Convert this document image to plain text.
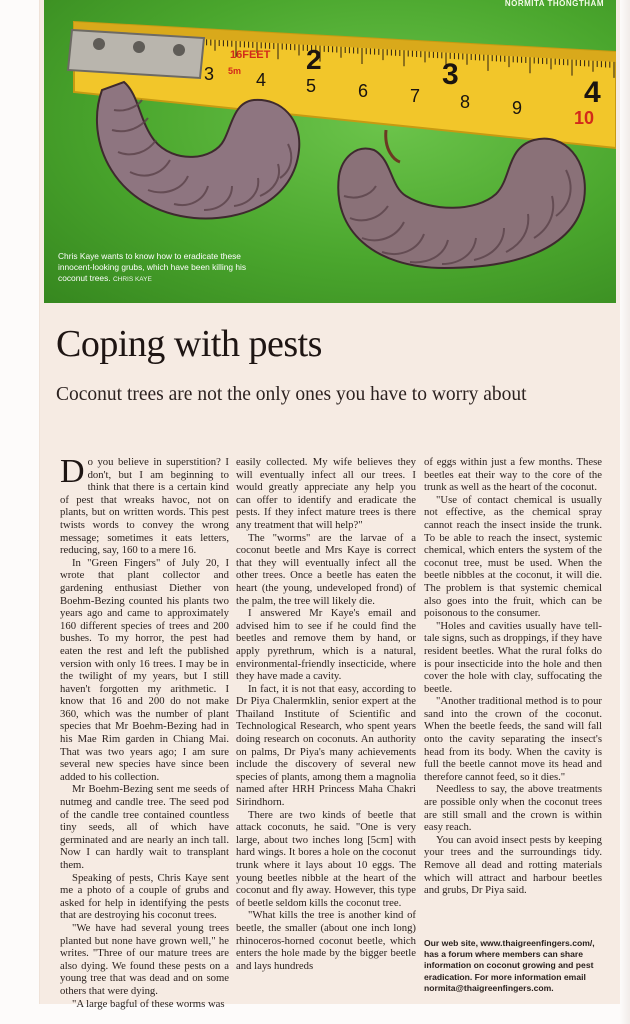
16FEET
5m 2	3
4
3 4 5 6 7 8 9	10
NORMITA THONGTHAM
Chris Kaye wants to know how to eradicate these innocent-looking grubs, which have been killing his coconut trees. CHRIS KAYE
Coping with pests
Coconut trees are not the only ones you have to worry about

Do you believe in superstition? I don't, but I am beginning to think that there is a certain kind of pest that wreaks havoc, not on plants, but on written words. This pest twists words to convey the wrong message; sometimes it eats letters, reducing, say, 160 to a mere 16.

In "Green Fingers" of July 20, I wrote that plant collector and gardening enthusiast Diether von Boehm-Bezing counted his plants two years ago and came to approximately 160 different species of trees and 200 bushes. To my horror, the pest had eaten the rest and left the published version with only 16 trees. I may be in the twilight of my years, but I still haven't forgotten my arithmetic. I know that 16 and 200 do not make 360, which was the number of plant species that Mr Boehm-Bezing had in his Mae Rim garden in Chiang Mai. That was two years ago; I am sure several new species have since been added to his collection.

Mr Boehm-Bezing sent me seeds of nutmeg and candle tree. The seed pod of the candle tree contained countless tiny seeds, all of which have germinated and are nearly an inch tall. Now I can hardly wait to transplant them.

Speaking of pests, Chris Kaye sent me a photo of a couple of grubs and asked for help in identifying the pests that are destroying his coconut trees.

"We have had several young trees planted but none have grown well," he writes. "Three of our mature trees are also dying. We found these pests on a young tree that was dead and on some others that were dying.

"A large bagful of these worms was

easily collected. My wife believes they will eventually infect all our trees. I would greatly appreciate any help you can offer to identify and eradicate the pests. If they infect mature trees is there any treatment that will help?"

The "worms" are the larvae of a coconut beetle and Mrs Kaye is correct that they will eventually infect all the other trees. Once a beetle has eaten the heart (the young, undeveloped frond) of the palm, the tree will likely die.

I answered Mr Kaye's email and advised him to see if he could find the beetles and remove them by hand, or apply pyrethrum, which is a natural, environmental-friendly insecticide, where they have made a cavity.

In fact, it is not that easy, according to Dr Piya Chalermklin, senior expert at the Thailand Institute of Scientific and Technological Research, who spent years doing research on coconuts. An authority on palms, Dr Piya's many achievements include the discovery of several new species of plants, among them a magnolia named after HRH Princess Maha Chakri Sirindhorn.

There are two kinds of beetle that attack coconuts, he said. "One is very large, about two inches long [5cm] with hard wings. It bores a hole on the coconut trunk where it lays about 10 eggs. The young beetles nibble at the heart of the coconut and fly away. However, this type of beetle seldom kills the coconut tree.

"What kills the tree is another kind of beetle, the smaller (about one inch long) rhinoceros-horned coconut beetle, which enters the hole made by the bigger beetle and lays hundreds

of eggs within just a few months. These beetles eat their way to the core of the trunk as well as the heart of the coconut.

"Use of contact chemical is usually not effective, as the chemical spray cannot reach the insect inside the trunk. To be able to reach the insect, systemic chemical, which enters the system of the coconut tree, must be used. When the beetle nibbles at the coconut, it will die. The problem is that systemic chemical also goes into the fruit, which can be poisonous to the consumer.

"Holes and cavities usually have tell-tale signs, such as droppings, if they have resident beetles. What the rural folks do is pour insecticide into the hole and then cover the hole with clay, suffocating the beetle.

"Another traditional method is to pour sand into the crown of the coconut. When the beetle feeds, the sand will fall onto the cavity separating the insect's head from its body. When the cavity is full the beetle cannot move its head and therefore cannot feed, so it dies."

Needless to say, the above treatments are possible only when the coconut trees are still small and the crown is within easy reach.

You can avoid insect pests by keeping your trees and the surroundings tidy. Remove all dead and rotting materials which will attract and harbour beetles and grubs, Dr Piya said.

Our web site, www.thaigreenfingers.com/, has a forum where members can share information on coconut growing and pest eradication. For more information email normita@thaigreenfingers.com.
